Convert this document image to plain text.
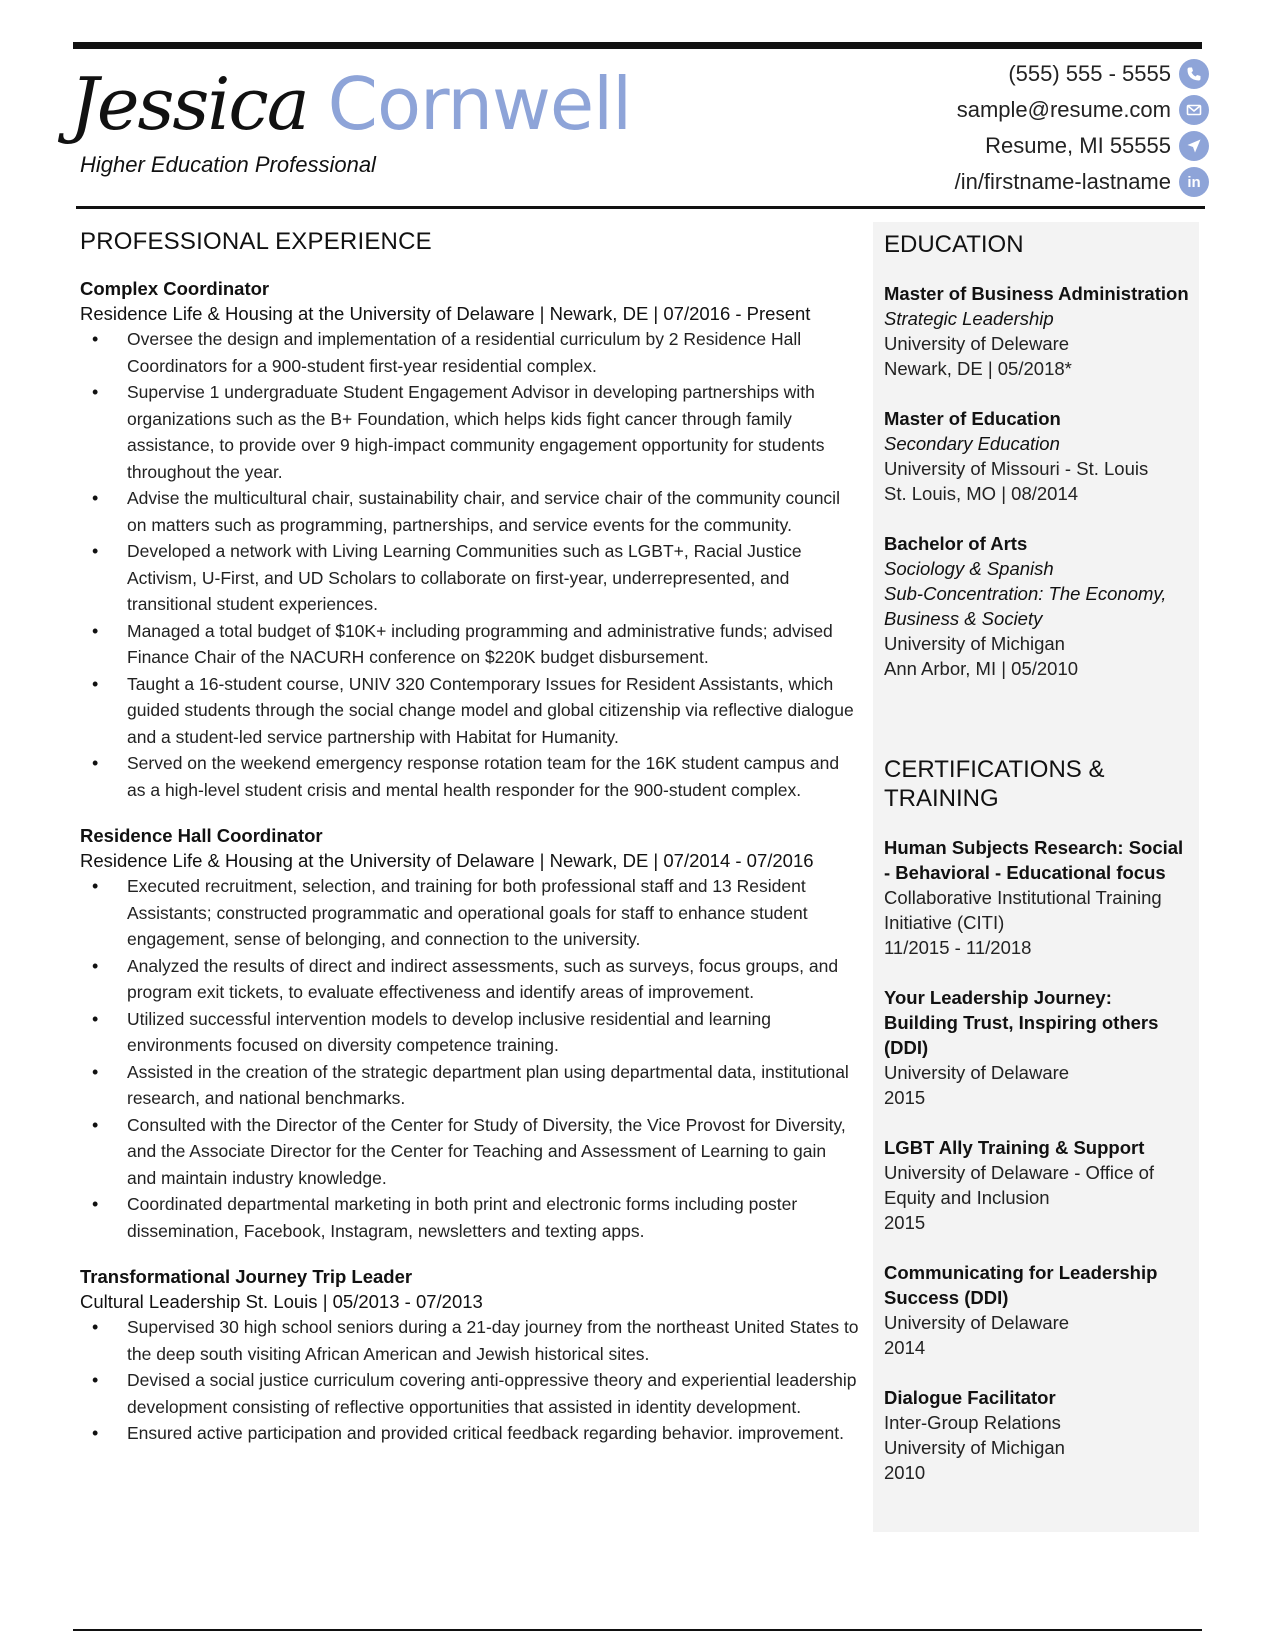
Jessica Cornwell
Higher Education Professional
(555) 555 - 5555
sample@resume.com
Resume, MI 55555
/in/firstname-lastname	in
PROFESSIONAL EXPERIENCE
Complex Coordinator
Residence Life & Housing at the University of Delaware | Newark, DE | 07/2016 - Present
• Oversee the design and implementation of a residential curriculum by 2 Residence Hall Coordinators for a 900-student first-year residential complex.
• Supervise 1 undergraduate Student Engagement Advisor in developing partnerships with organizations such as the B+ Foundation, which helps kids fight cancer through family assistance, to provide over 9 high-impact community engagement opportunity for students throughout the year.
• Advise the multicultural chair, sustainability chair, and service chair of the community council on matters such as programming, partnerships, and service events for the community.
• Developed a network with Living Learning Communities such as LGBT+, Racial Justice Activism, U-First, and UD Scholars to collaborate on first-year, underrepresented, and transitional student experiences.
• Managed a total budget of $10K+ including programming and administrative funds; advised Finance Chair of the NACURH conference on $220K budget disbursement.
• Taught a 16-student course, UNIV 320 Contemporary Issues for Resident Assistants, which guided students through the social change model and global citizenship via reflective dialogue and a student-led service partnership with Habitat for Humanity.
• Served on the weekend emergency response rotation team for the 16K student campus and as a high-level student crisis and mental health responder for the 900-student complex.
Residence Hall Coordinator
Residence Life & Housing at the University of Delaware | Newark, DE | 07/2014 - 07/2016
• Executed recruitment, selection, and training for both professional staff and 13 Resident Assistants; constructed programmatic and operational goals for staff to enhance student engagement, sense of belonging, and connection to the university.
• Analyzed the results of direct and indirect assessments, such as surveys, focus groups, and program exit tickets, to evaluate effectiveness and identify areas of improvement.
• Utilized successful intervention models to develop inclusive residential and learning environments focused on diversity competence training.
• Assisted in the creation of the strategic department plan using departmental data, institutional research, and national benchmarks.
• Consulted with the Director of the Center for Study of Diversity, the Vice Provost for Diversity, and the Associate Director for the Center for Teaching and Assessment of Learning to gain and maintain industry knowledge.
• Coordinated departmental marketing in both print and electronic forms including poster dissemination, Facebook, Instagram, newsletters and texting apps.
Transformational Journey Trip Leader
Cultural Leadership St. Louis | 05/2013 - 07/2013
• Supervised 30 high school seniors during a 21-day journey from the northeast United States to the deep south visiting African American and Jewish historical sites.
• Devised a social justice curriculum covering anti-oppressive theory and experiential leadership development consisting of reflective opportunities that assisted in identity development.
• Ensured active participation and provided critical feedback regarding behavior. improvement.
EDUCATION
Master of Business Administration
Strategic Leadership
University of Deleware
Newark, DE | 05/2018*
Master of Education
Secondary Education
University of Missouri - St. Louis
St. Louis, MO | 08/2014
Bachelor of Arts
Sociology & Spanish
Sub-Concentration: The Economy, Business & Society
University of Michigan
Ann Arbor, MI | 05/2010
CERTIFICATIONS & TRAINING
Human Subjects Research: Social - Behavioral - Educational focus
Collaborative Institutional Training Initiative (CITI)
11/2015 - 11/2018
Your Leadership Journey: Building Trust, Inspiring others (DDI)
University of Delaware
2015
LGBT Ally Training & Support
University of Delaware - Office of Equity and Inclusion
2015
Communicating for Leadership Success (DDI)
University of Delaware
2014
Dialogue Facilitator
Inter-Group Relations
University of Michigan
2010
